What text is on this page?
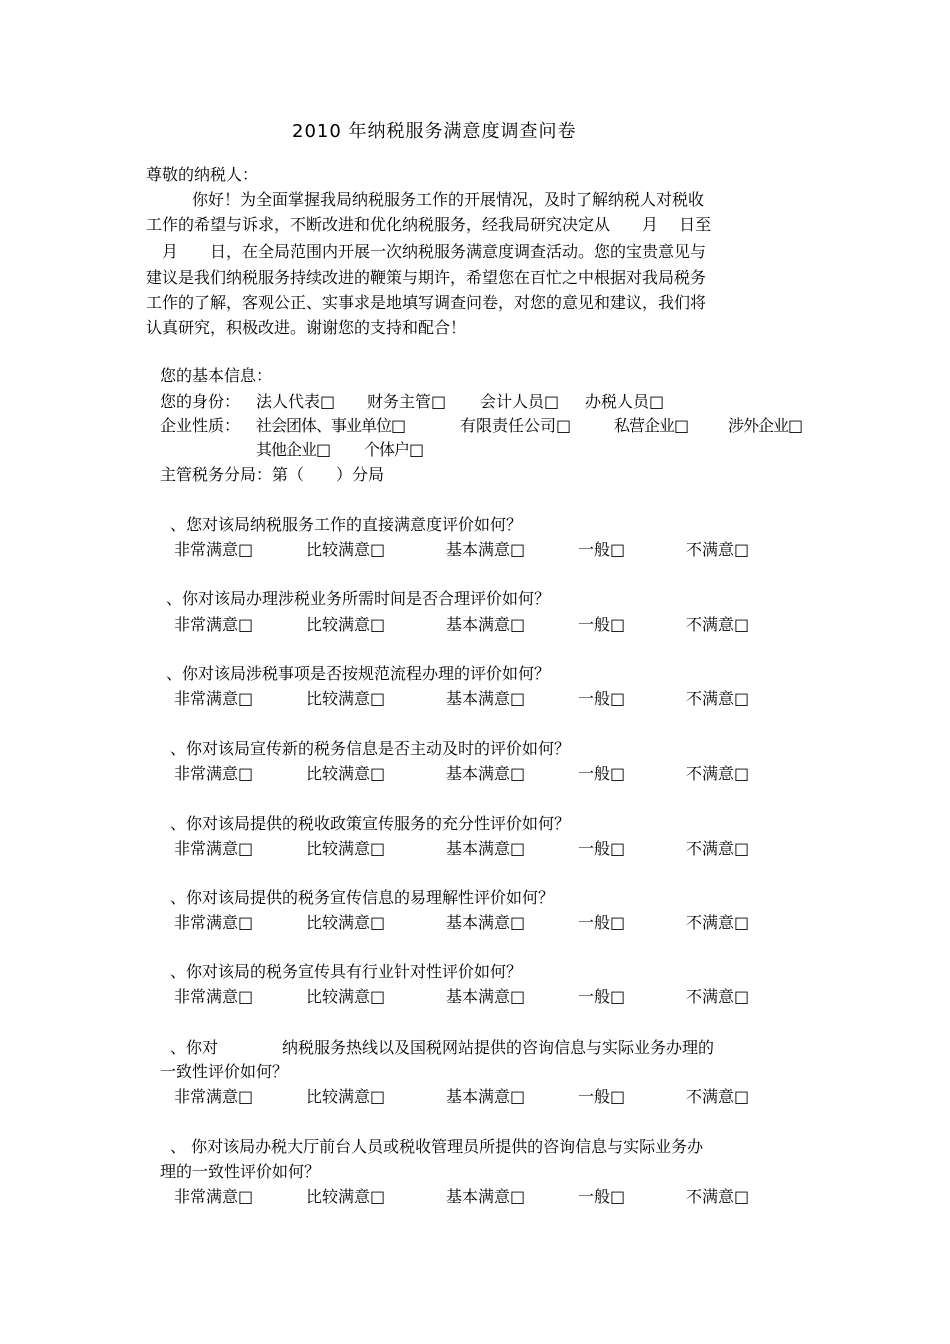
2010 年纳税服务满意度调查问卷
尊敬的纳税人：
你好！为全面掌握我局纳税服务工作的开展情况，及时了解纳税人对税收
工作的希望与诉求，不断改进和优化纳税服务，经我局研究决定从　　月　 日至
　月　　日，在全局范围内开展一次纳税服务满意度调查活动。您的宝贵意见与
建议是我们纳税服务持续改进的鞭策与期许，希望您在百忙之中根据对我局税务
工作的了解，客观公正、实事求是地填写调查问卷，对您的意见和建议，我们将
认真研究，积极改进。谢谢您的支持和配合！
您的基本信息：
您的身份： 法人代表□ 财务主管□ 会计人员□ 办税人员□
企业性质： 社会团体、事业单位□	有限责任公司□	私营企业□ 涉外企业□
其他企业□ 个体户□
主管税务分局：第（　　）分局
、您对该局纳税服务工作的直接满意度评价如何？
非常满意□	比较满意□	基本满意□	一般□	不满意□
、你对该局办理涉税业务所需时间是否合理评价如何？
非常满意□	比较满意□	基本满意□	一般□	不满意□
、你对该局涉税事项是否按规范流程办理的评价如何？
非常满意□	比较满意□	基本满意□	一般□	不满意□
、你对该局宣传新的税务信息是否主动及时的评价如何？
非常满意□	比较满意□	基本满意□	一般□	不满意□
、你对该局提供的税收政策宣传服务的充分性评价如何？
非常满意□	比较满意□	基本满意□	一般□	不满意□
、你对该局提供的税务宣传信息的易理解性评价如何？
非常满意□	比较满意□	基本满意□	一般□	不满意□
、你对该局的税务宣传具有行业针对性评价如何？
非常满意□	比较满意□	基本满意□	一般□	不满意□
、你对　　　　纳税服务热线以及国税网站提供的咨询信息与实际业务办理的
一致性评价如何？
非常满意□	比较满意□	基本满意□	一般□	不满意□
、 你对该局办税大厅前台人员或税收管理员所提供的咨询信息与实际业务办
理的一致性评价如何？
非常满意□	比较满意□	基本满意□	一般□	不满意□
